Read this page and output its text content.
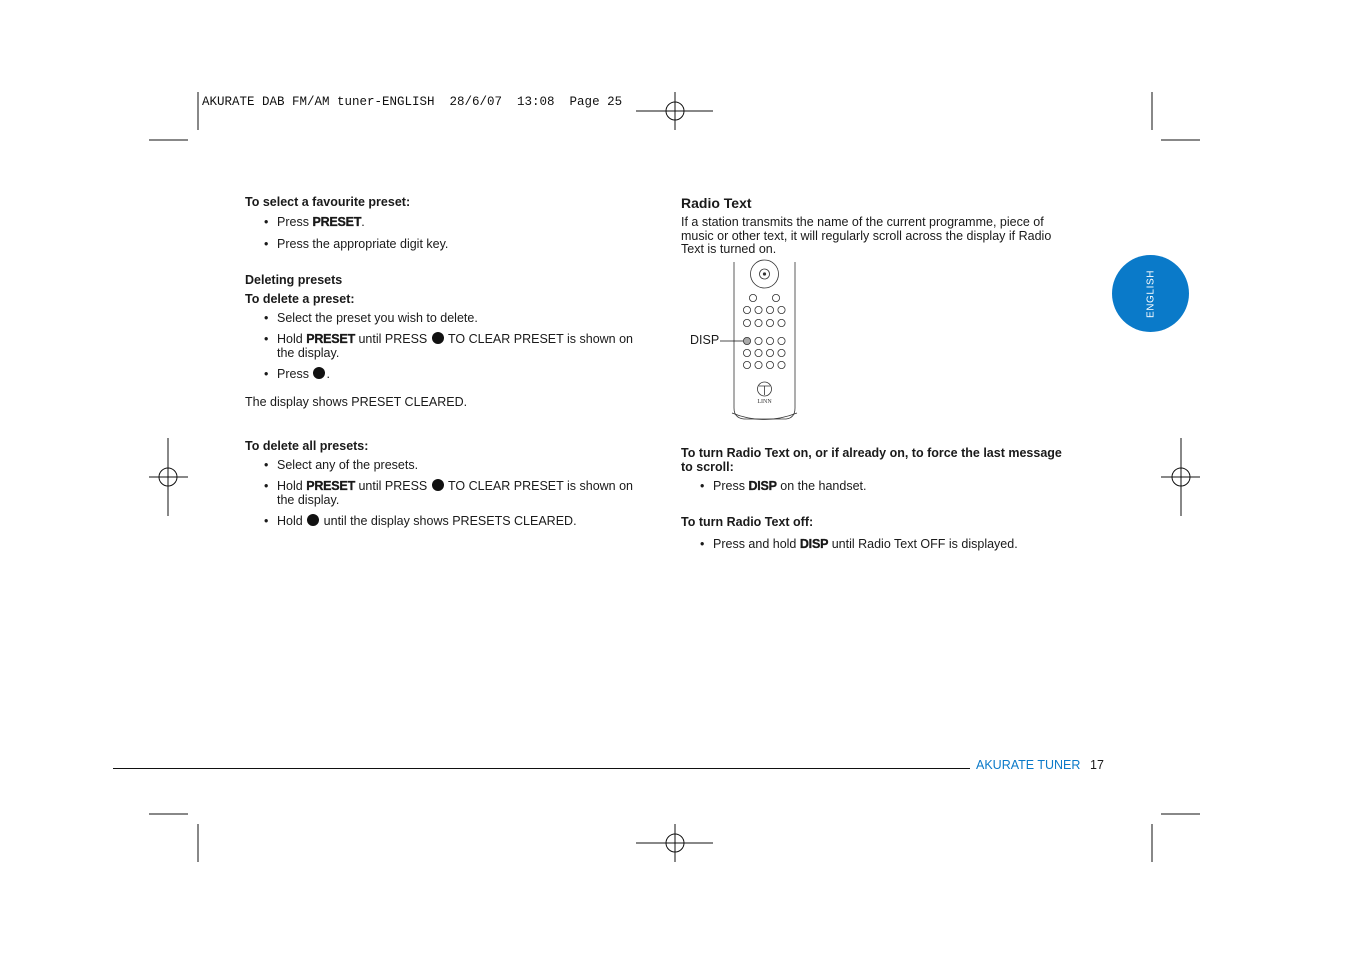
AKURATE DAB FM/AM tuner-ENGLISH  28/6/07  13:08  Page 25
ENGLISH
To select a favourite preset:
• Press PRESET.
• Press the appropriate digit key.
Deleting presets
To delete a preset:
• Select the preset you wish to delete.
• Hold PRESET until PRESS  TO CLEAR PRESET is shown on
the display.
• Press .
The display shows PRESET CLEARED.
To delete all presets:
• Select any of the presets.
• Hold PRESET until PRESS  TO CLEAR PRESET is shown on
the display.
• Hold  until the display shows PRESETS CLEARED.
Radio Text
If a station transmits the name of the current programme, piece of
music or other text, it will regularly scroll across the display if Radio
Text is turned on.
DISP
LINN
To turn Radio Text on, or if already on, to force the last message
to scroll:
• Press DISP on the handset.
To turn Radio Text off:
• Press and hold DISP until Radio Text OFF is displayed.
AKURATE TUNER 17
